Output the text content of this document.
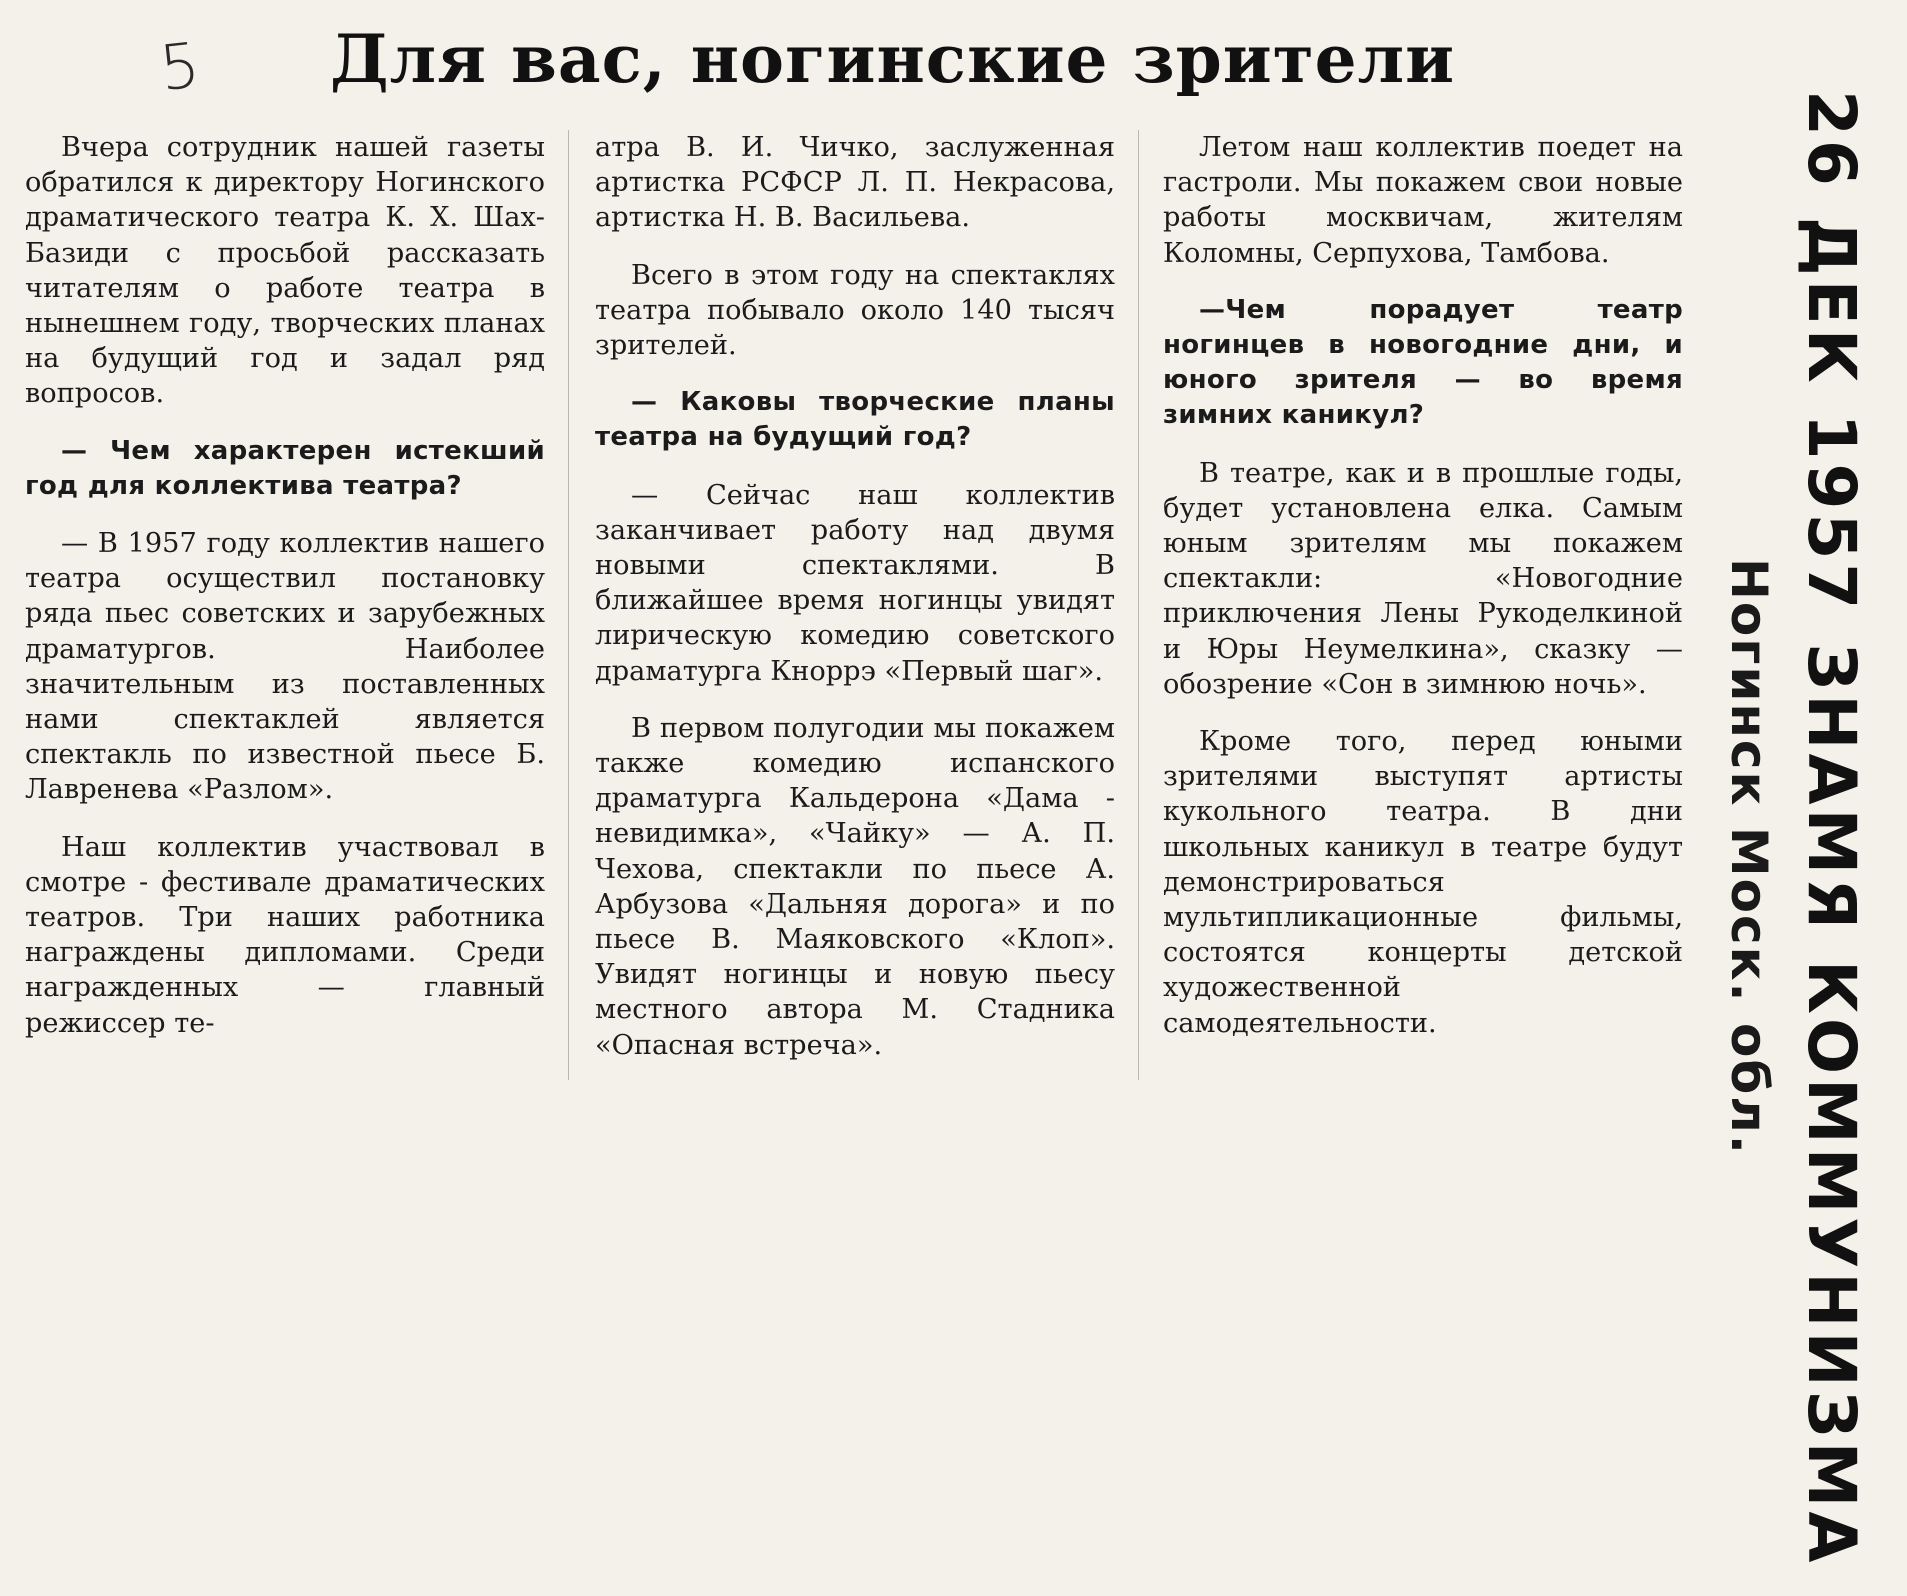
5 Для вас, ногинские зрители

Вчера сотрудник нашей газеты обратился к директору Ногинского драматического театра К. Х. Шах-Базиди с просьбой рассказать читателям о работе театра в нынешнем году, творческих планах на будущий год и задал ряд вопросов.

— Чем характерен истекший год для коллектива театра?

— В 1957 году коллектив нашего театра осуществил постановку ряда пьес советских и зарубежных драматургов. Наиболее значительным из поставленных нами спектаклей является спектакль по известной пьесе Б. Лавренева «Разлом».

Наш коллектив участвовал в смотре - фестивале драматических театров. Три наших работника награждены дипломами. Среди награжденных — главный режиссер те-

атра В. И. Чичко, заслуженная артистка РСФСР Л. П. Некрасова, артистка Н. В. Васильева.

Всего в этом году на спектаклях театра побывало около 140 тысяч зрителей.

— Каковы творческие планы театра на будущий год?

— Сейчас наш коллектив заканчивает работу над двумя новыми спектаклями. В ближайшее время ногинцы увидят лирическую комедию советского драматурга Кноррэ «Первый шаг».

В первом полугодии мы покажем также комедию испанского драматурга Кальдерона «Дама - невидимка», «Чайку» — А. П. Чехова, спектакли по пьесе А. Арбузова «Дальняя дорога» и по пьесе В. Маяковского «Клоп». Увидят ногинцы и новую пьесу местного автора М. Стадника «Опасная встреча».

Летом наш коллектив поедет на гастроли. Мы покажем свои новые работы москвичам, жителям Коломны, Серпухова, Тамбова.

—Чем порадует театр ногинцев в новогодние дни, и юного зрителя — во время зимних каникул?

В театре, как и в прошлые годы, будет установлена елка. Самым юным зрителям мы покажем спектакли: «Новогодние приключения Лены Рукоделкиной и Юры Неумелкина», сказку — обозрение «Сон в зимнюю ночь».

Кроме того, перед юными зрителями выступят артисты кукольного театра. В дни школьных каникул в театре будут демонстрироваться мультипликационные фильмы, состоятся концерты детской художественной самодеятельности.

26 ДЕК 1957ЗНАМЯ КОММУНИЗМА
Ногинск Моск. обл.
